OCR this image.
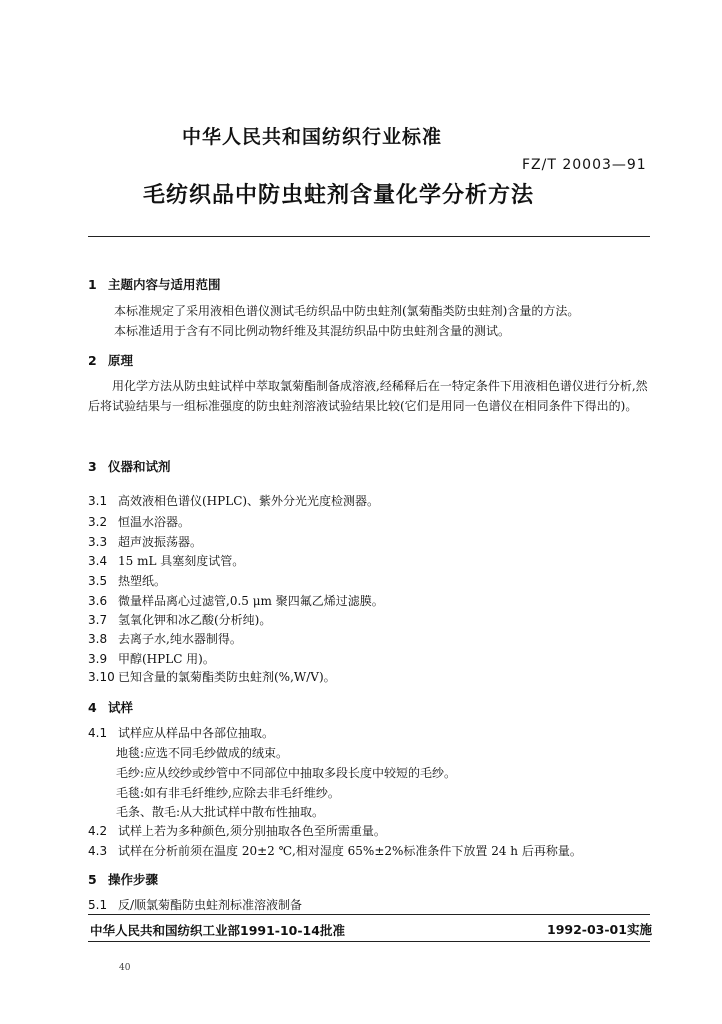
中华人民共和国纺织行业标准
FZ/T 20003—91
毛纺织品中防虫蛀剂含量化学分析方法
1 主题内容与适用范围
本标准规定了采用液相色谱仪测试毛纺织品中防虫蛀剂(氯菊酯类防虫蛀剂)含量的方法。
本标准适用于含有不同比例动物纤维及其混纺织品中防虫蛀剂含量的测试。
2 原理
用化学方法从防虫蛀试样中萃取氯菊酯制备成溶液,经稀释后在一特定条件下用液相色谱仪进行分析,然后将试验结果与一组标准强度的防虫蛀剂溶液试验结果比较(它们是用同一色谱仪在相同条件下得出的)。
3 仪器和试剂
3.1 高效液相色谱仪(HPLC)、紫外分光光度检测器。
3.2 恒温水浴器。
3.3 超声波振荡器。
3.4 15 mL 具塞刻度试管。
3.5 热塑纸。
3.6 微量样品离心过滤管,0.5 μm 聚四氟乙烯过滤膜。
3.7 氢氧化钾和冰乙酸(分析纯)。
3.8 去离子水,纯水器制得。
3.9 甲醇(HPLC 用)。
3.10 已知含量的氯菊酯类防虫蛀剂(%,W/V)。
4 试样
4.1 试样应从样品中各部位抽取。
地毯:应选不同毛纱做成的绒束。
毛纱:应从绞纱或纱管中不同部位中抽取多段长度中较短的毛纱。
毛毯:如有非毛纤维纱,应除去非毛纤维纱。
毛条、散毛:从大批试样中散布性抽取。
4.2 试样上若为多种颜色,须分别抽取各色至所需重量。
4.3 试样在分析前须在温度 20±2 ℃,相对湿度 65%±2%标准条件下放置 24 h 后再称量。
5 操作步骤
5.1 反/顺氯菊酯防虫蛀剂标准溶液制备
中华人民共和国纺织工业部1991-10-14批准	1992-03-01实施
40
